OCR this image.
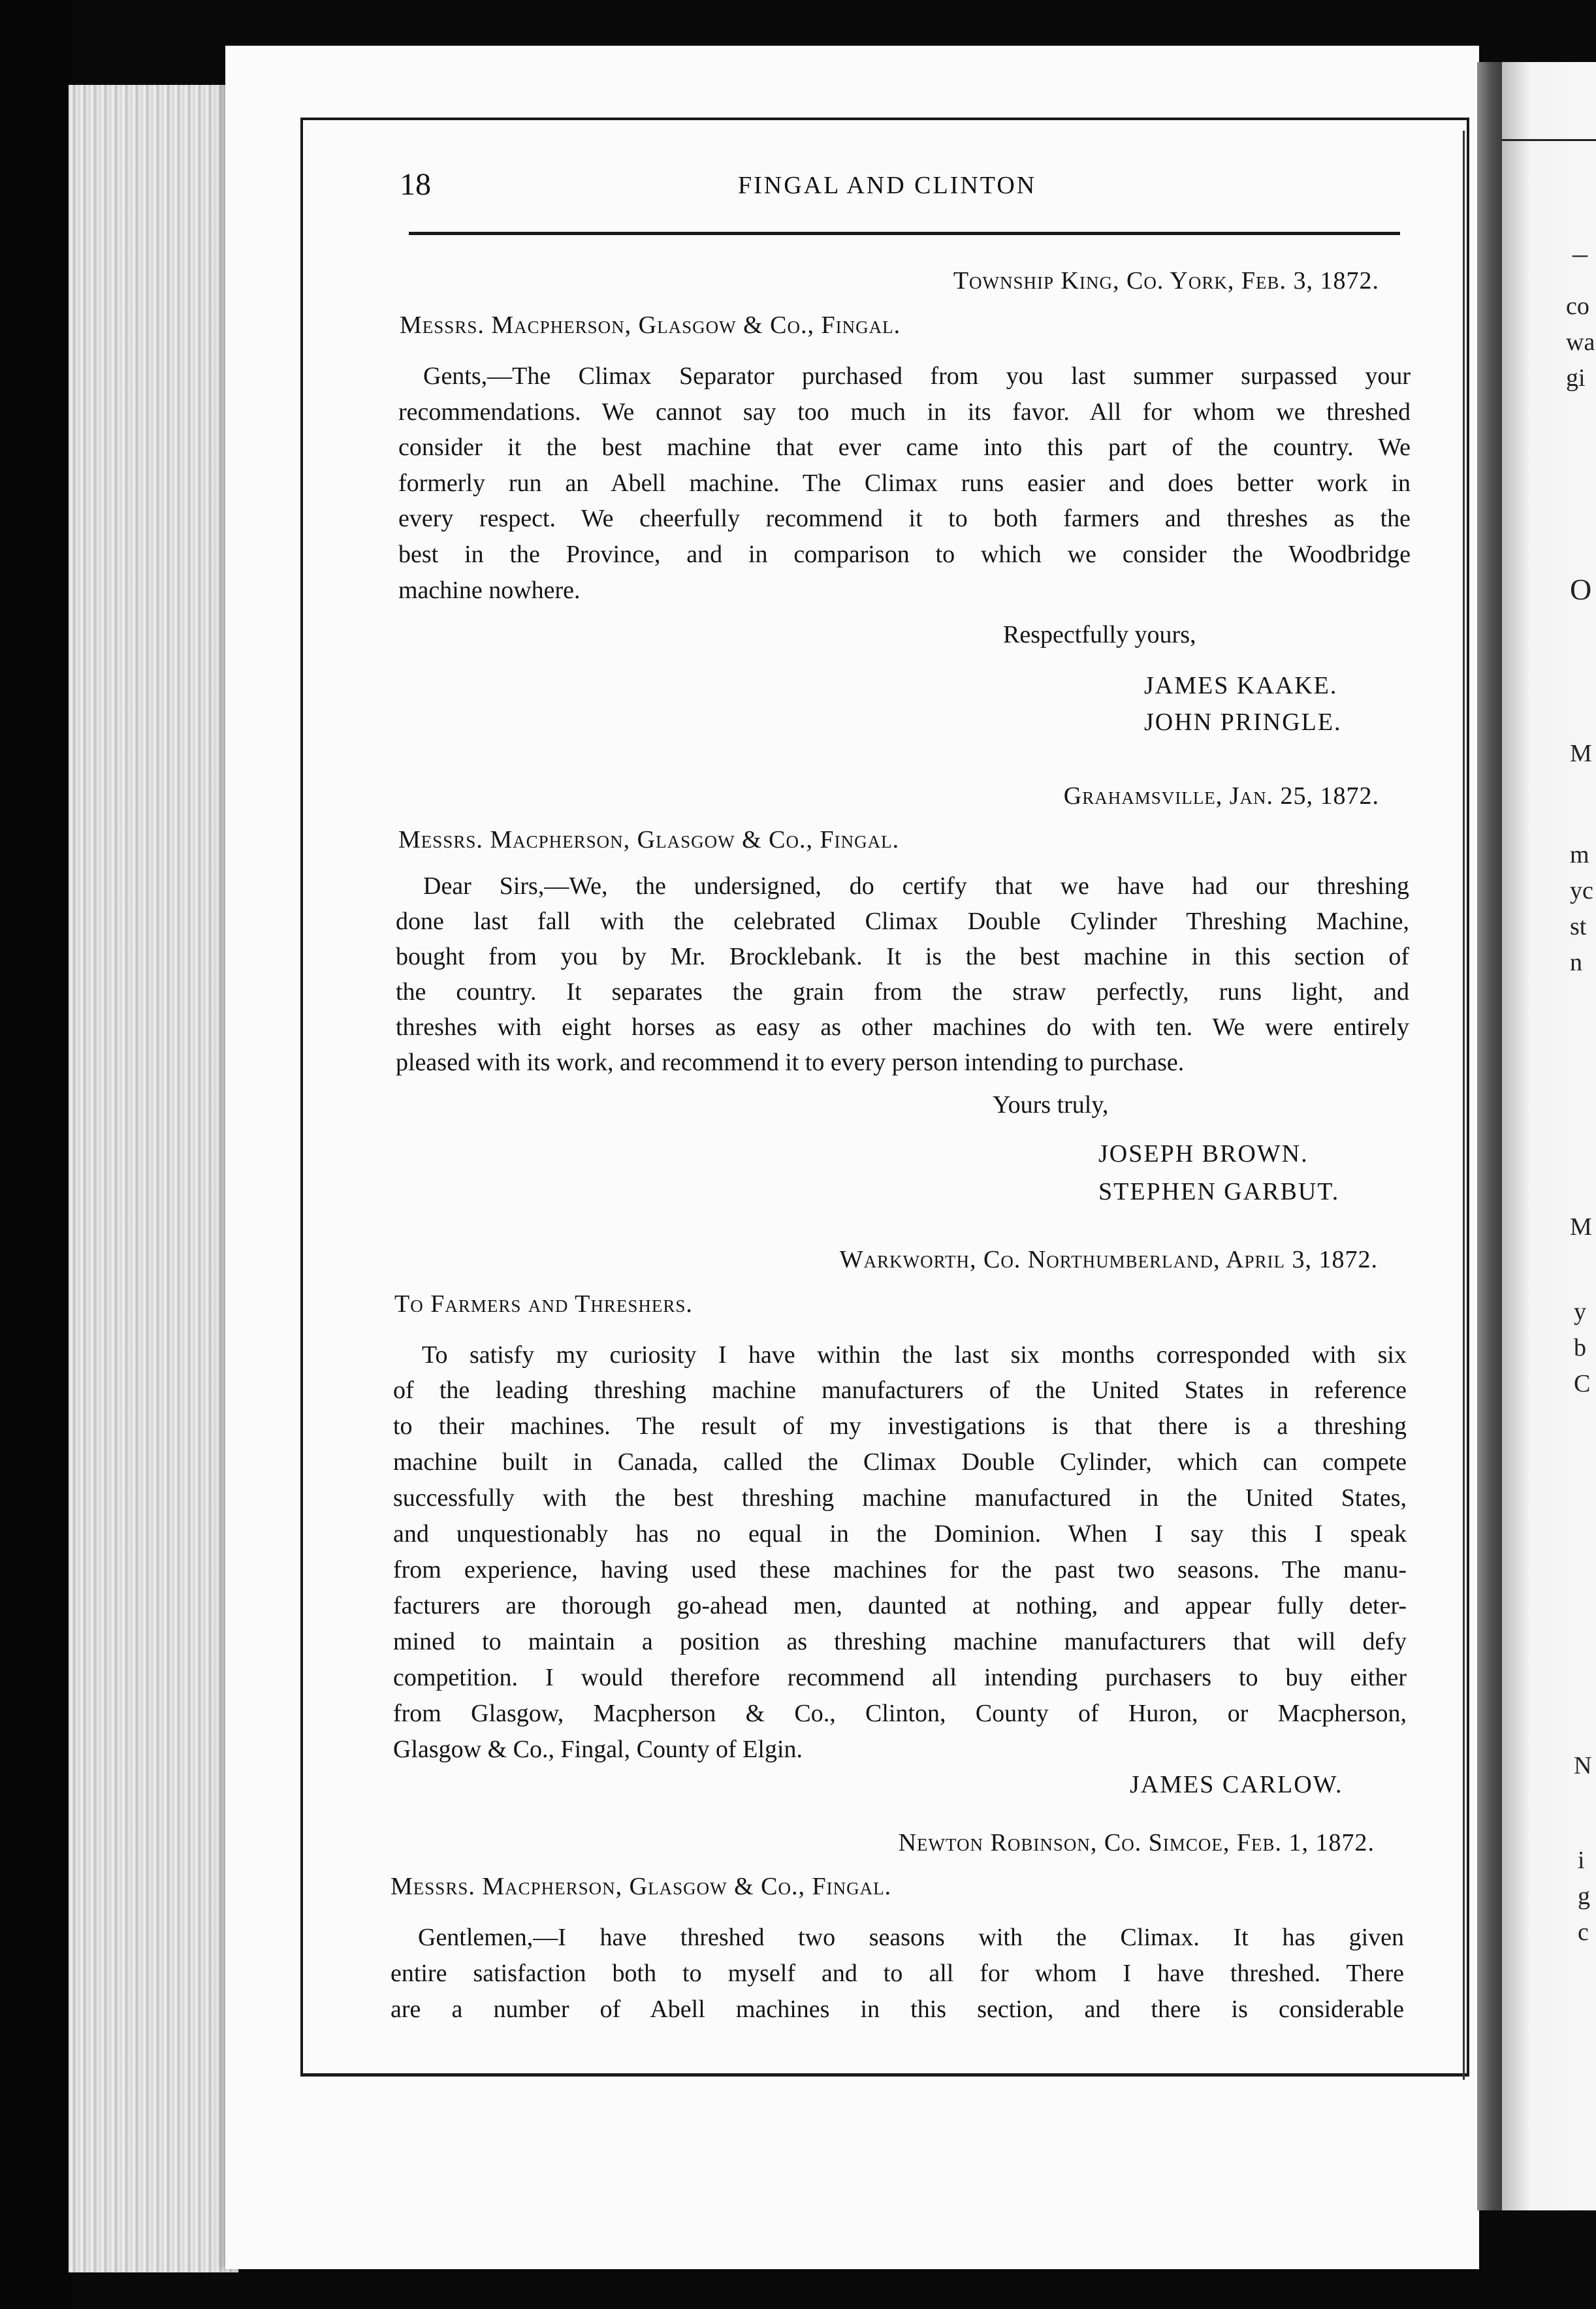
–
co
wa
gi
O
M
m
yc
st
n
M
y
b
C
N
i
g
c
18	FINGAL AND CLINTON
Township King, Co. York, Feb. 3, 1872.
Messrs. Macpherson, Glasgow & Co., Fingal.
Gents,—The Climax Separator purchased from you last summer surpassed your
recommendations. We cannot say too much in its favor. All for whom we threshed
consider it the best machine that ever came into this part of the country. We
formerly run an Abell machine. The Climax runs easier and does better work in
every respect. We cheerfully recommend it to both farmers and threshes as the
best in the Province, and in comparison to which we consider the Woodbridge
machine nowhere.
Respectfully yours,
JAMES KAAKE.
JOHN PRINGLE.
Grahamsville, Jan. 25, 1872.
Messrs. Macpherson, Glasgow & Co., Fingal.
Dear Sirs,—We, the undersigned, do certify that we have had our threshing
done last fall with the celebrated Climax Double Cylinder Threshing Machine,
bought from you by Mr. Brocklebank. It is the best machine in this section of
the country. It separates the grain from the straw perfectly, runs light, and
threshes with eight horses as easy as other machines do with ten. We were entirely
pleased with its work, and recommend it to every person intending to purchase.
Yours truly,
JOSEPH BROWN.
STEPHEN GARBUT.
Warkworth, Co. Northumberland, April 3, 1872.
To Farmers and Threshers.
To satisfy my curiosity I have within the last six months corresponded with six
of the leading threshing machine manufacturers of the United States in reference
to their machines. The result of my investigations is that there is a threshing
machine built in Canada, called the Climax Double Cylinder, which can compete
successfully with the best threshing machine manufactured in the United States,
and unquestionably has no equal in the Dominion. When I say this I speak
from experience, having used these machines for the past two seasons. The manu-
facturers are thorough go-ahead men, daunted at nothing, and appear fully deter-
mined to maintain a position as threshing machine manufacturers that will defy
competition. I would therefore recommend all intending purchasers to buy either
from Glasgow, Macpherson & Co., Clinton, County of Huron, or Macpherson,
Glasgow & Co., Fingal, County of Elgin.
JAMES CARLOW.
Newton Robinson, Co. Simcoe, Feb. 1, 1872.
Messrs. Macpherson, Glasgow & Co., Fingal.
Gentlemen,—I have threshed two seasons with the Climax. It has given
entire satisfaction both to myself and to all for whom I have threshed. There
are a number of Abell machines in this section, and there is considerable
